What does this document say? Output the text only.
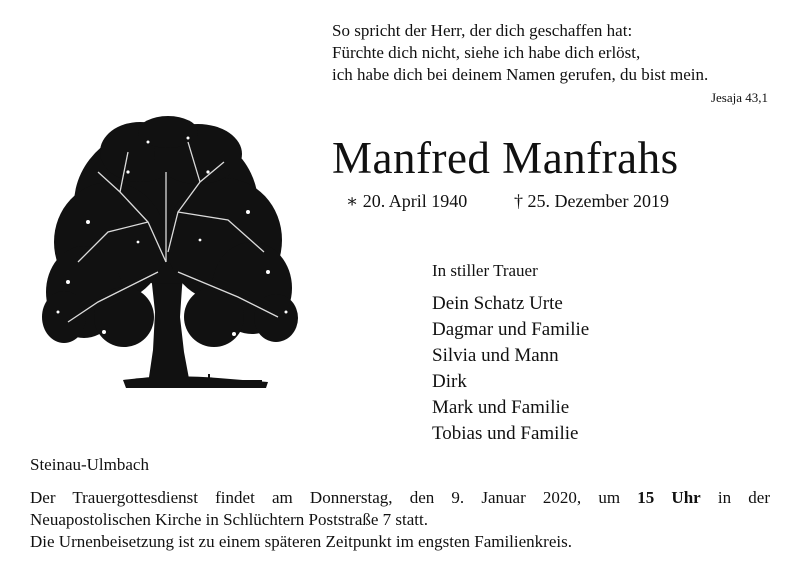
So spricht der Herr, der dich geschaffen hat:
Fürchte dich nicht, siehe ich habe dich erlöst,
ich habe dich bei deinem Namen gerufen, du bist mein.
Jesaja 43,1
Manfred Manfrahs
∗ 20. April 1940	† 25. Dezember 2019
In stiller Trauer
Dein Schatz Urte
Dagmar und Familie
Silvia und Mann
Dirk
Mark und Familie
Tobias und Familie
Steinau-Ulmbach
Der Trauergottesdienst findet am Donnerstag, den 9. Januar 2020, um 15 Uhr in der
Neuapostolischen Kirche in Schlüchtern Poststraße 7 statt.
Die Urnenbeisetzung ist zu einem späteren Zeitpunkt im engsten Familienkreis.
